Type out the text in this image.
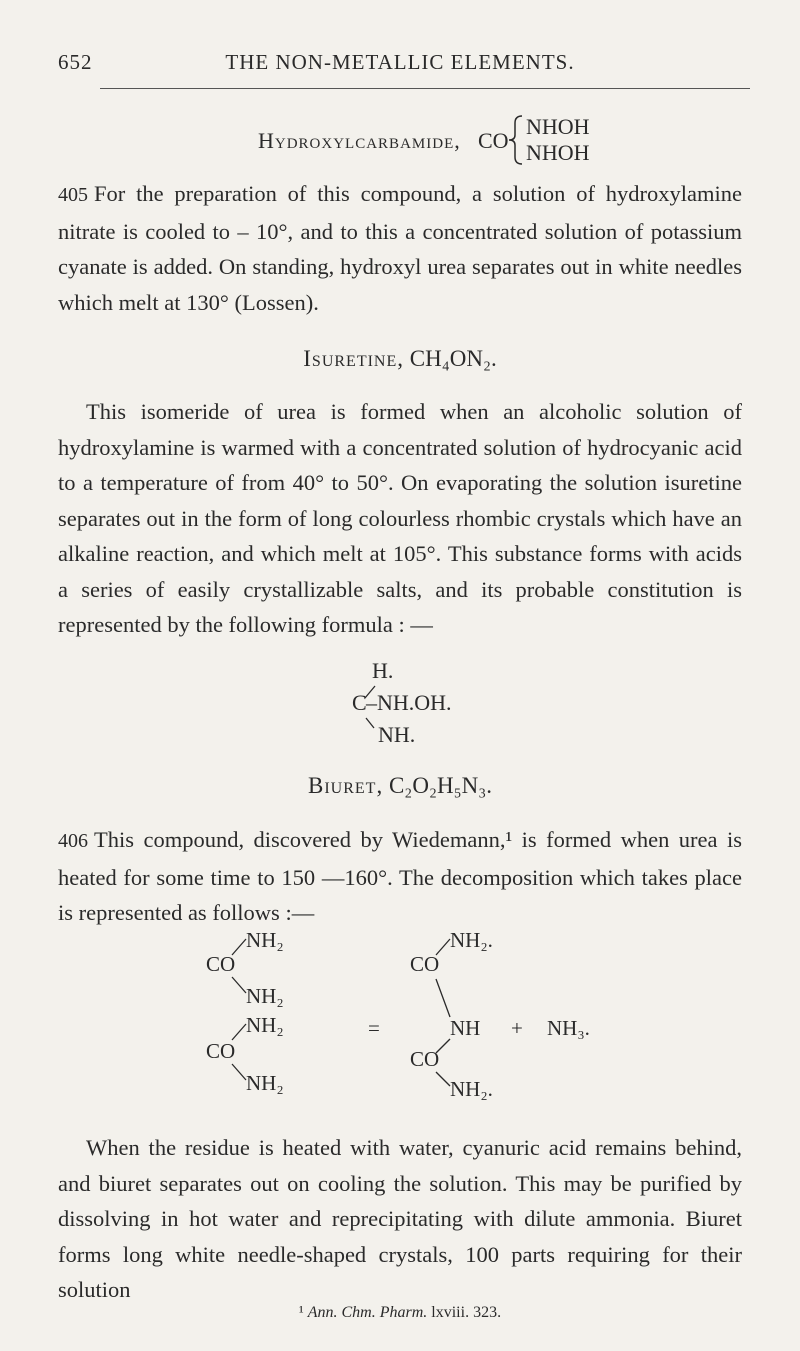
652	THE NON-METALLIC ELEMENTS.
Hydroxylcarbamide, CO
NHOH
NHOH

405 For the preparation of this compound, a solution of hydroxylamine nitrate is cooled to – 10°, and to this a concentrated solution of potassium cyanate is added. On standing, hydroxyl urea separates out in white needles which melt at 130° (Lossen).

Isuretine, CH₄ON₂.

This isomeride of urea is formed when an alcoholic solution of hydroxylamine is warmed with a concentrated solution of hydrocyanic acid to a temperature of from 40° to 50°. On evaporating the solution isuretine separates out in the form of long colourless rhombic crystals which have an alkaline reaction, and which melt at 105°. This substance forms with acids a series of easily crystallizable salts, and its probable constitution is represented by the following formula : —

H.
C –NH.OH.
NH.
Biuret, C₂O₂H₅N₃.

406 This compound, discovered by Wiedemann,¹ is formed when urea is heated for some time to 150 —160°. The decomposition which takes place is represented as follows :—

NH₂
CO
NH₂
NH₂
CO
NH₂
=
NH₂.
CO
NH + NH₃.
CO
NH₂.

When the residue is heated with water, cyanuric acid remains behind, and biuret separates out on cooling the solution. This may be purified by dissolving in hot water and reprecipitating with dilute ammonia. Biuret forms long white needle-shaped crystals, 100 parts requiring for their solution

¹ Ann. Chm. Pharm. lxviii. 323.
